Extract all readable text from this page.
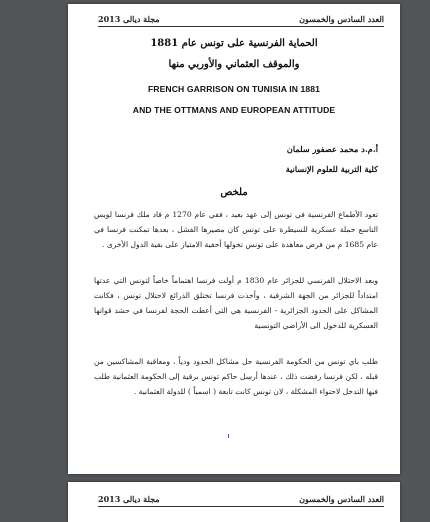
مجلة ديالى 2013	العدد السادس والخمسون
الحماية الفرنسية على تونس عام 1881
والموقف العثماني والأوربي منها
FRENCH GARRISON ON TUNISIA IN 1881
AND THE OTTMANS AND EUROPEAN ATTITUDE
أ.م.د محمد عصفور سلمان
كلية التربية للعلوم الإنسانية
ملخص
تعود الأطماع الفرنسية في تونس إلى عهد بعيد ، ففي عام 1270 م قاد ملك فرنسا لويس التاسع حملة عسكرية للسيطرة على تونس كان مصيرها الفشل ، بعدها تمكنت فرنسا في عام 1685 م من فرض معاهدة على تونس تخولها أحقية الامتياز على بقية الدول الأخرى .
وبعد الاحتلال الفرنسي للجزائر عام 1830 م أولت فرنسا اهتماماً خاصاً لتونس التي عدتها امتداداً للجزائر من الجهة الشرقية ، وأخذت فرنسا تختلق الذرائع لاحتلال تونس ، فكانت المشاكل على الحدود الجزائرية - الفرنسية هي التي أعطت الحجة لفرنسا في حشد قواتها العسكرية للدخول الى الأراضي التونسية
طلب باي تونس من الحكومة الفرنسية حل مشاكل الحدود ودياً ، ومعاقبة المشاكسين من قبله ، لكن فرنسا رفضت ذلك ، عندها أرسل حاكم تونس برقية إلى الحكومة العثمانية طلب فيها التدخل لاحتواء المشكلة ، لان تونس كانت تابعة ( اسمياً ) للدولة العثمانية .
مجلة ديالى 2013	العدد السادس والخمسون
